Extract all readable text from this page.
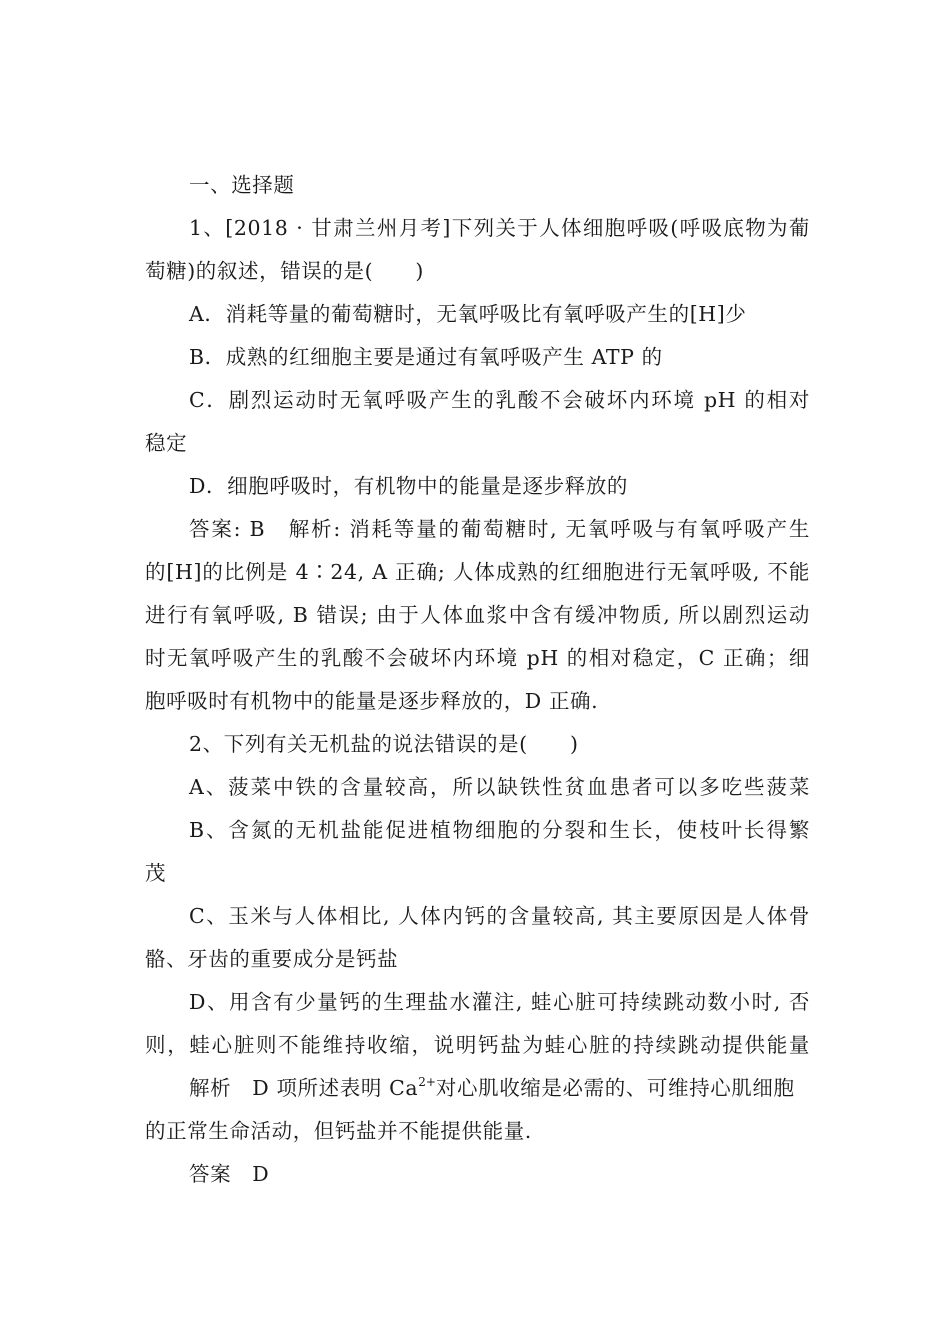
一、选择题
1、[2018 · 甘肃兰州月考]下列关于人体细胞呼吸(呼吸底物为葡
萄糖)的叙述，错误的是(　　)
A．消耗等量的葡萄糖时，无氧呼吸比有氧呼吸产生的[H]少
B．成熟的红细胞主要是通过有氧呼吸产生 ATP 的
C．剧烈运动时无氧呼吸产生的乳酸不会破坏内环境 pH 的相对
稳定
D．细胞呼吸时，有机物中的能量是逐步释放的
答案: B　解析: 消耗等量的葡萄糖时, 无氧呼吸与有氧呼吸产生
的[H]的比例是 4∶24, A 正确; 人体成熟的红细胞进行无氧呼吸, 不能
进行有氧呼吸, B 错误; 由于人体血浆中含有缓冲物质, 所以剧烈运动
时无氧呼吸产生的乳酸不会破坏内环境 pH 的相对稳定，C 正确；细
胞呼吸时有机物中的能量是逐步释放的，D 正确.
2、下列有关无机盐的说法错误的是(　　)
A、菠菜中铁的含量较高，所以缺铁性贫血患者可以多吃些菠菜
B、含氮的无机盐能促进植物细胞的分裂和生长，使枝叶长得繁
茂
C、玉米与人体相比, 人体内钙的含量较高, 其主要原因是人体骨
骼、牙齿的重要成分是钙盐
D、用含有少量钙的生理盐水灌注, 蛙心脏可持续跳动数小时, 否
则，蛙心脏则不能维持收缩，说明钙盐为蛙心脏的持续跳动提供能量
解析　D 项所述表明 $Ca^{2+}$对心肌收缩是必需的、可维持心肌细胞
的正常生命活动，但钙盐并不能提供能量.
答案　D
